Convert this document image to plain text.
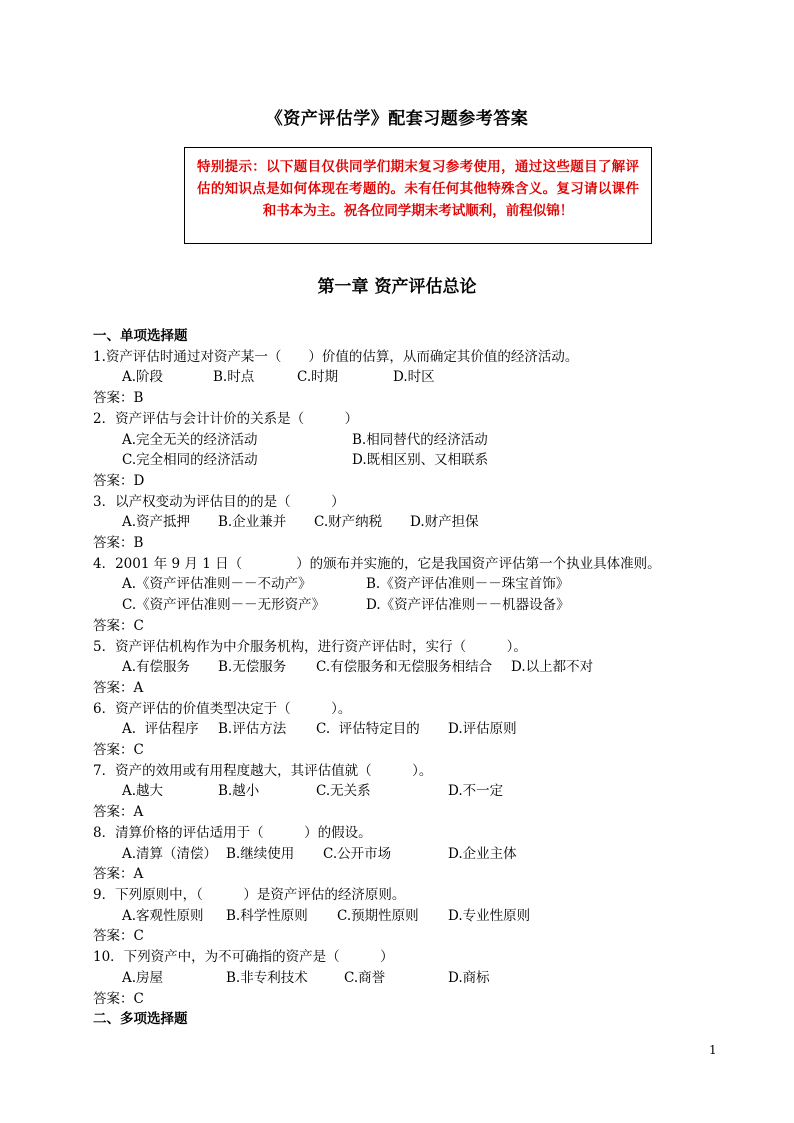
《资产评估学》配套习题参考答案
特别提示：以下题目仅供同学们期末复习参考使用，通过这些题目了解评估的知识点是如何体现在考题的。未有任何其他特殊含义。复习请以课件和书本为主。祝各位同学期末考试顺利，前程似锦！
第一章 资产评估总论
一、单项选择题
1.资产评估时通过对资产某一（　　）价值的估算，从而确定其价值的经济活动。
A.阶段	B.时点	C.时期	D.时区
答案：B
2．资产评估与会计计价的关系是（　　　）
A.完全无关的经济活动	B.相同替代的经济活动
C.完全相同的经济活动	D.既相区别、又相联系
答案：D
3．以产权变动为评估目的的是（　　　）
A.资产抵押	B.企业兼并	C.财产纳税	D.财产担保
答案：B
4．2001 年 9 月 1 日（　　　　）的颁布并实施的，它是我国资产评估第一个执业具体准则。
A.《资产评估准则－－不动产》	B.《资产评估准则－－珠宝首饰》
C.《资产评估准则－－无形资产》	D.《资产评估准则－－机器设备》
答案：C
5．资产评估机构作为中介服务机构，进行资产评估时，实行（　　　）。
A.有偿服务	B.无偿服务	C.有偿服务和无偿服务相结合	D.以上都不对
答案：A
6．资产评估的价值类型决定于（　　　）。
A.  评估程序	B.评估方法	C.  评估特定目的	D.评估原则
答案：C
7．资产的效用或有用程度越大，其评估值就（　　　）。
A.越大	B.越小	C.无关系	D.不一定
答案：A
8．清算价格的评估适用于（　　　）的假设。
A.清算（清偿） B.继续使用	C.公开市场	D.企业主体
答案：A
9．下列原则中，（　　　）是资产评估的经济原则。
A.客观性原则	B.科学性原则	C.预期性原则	D.专业性原则
答案：C
10．下列资产中，为不可确指的资产是（　　　）
A.房屋	B.非专利技术	C.商誉	D.商标
答案：C
二、多项选择题
1
